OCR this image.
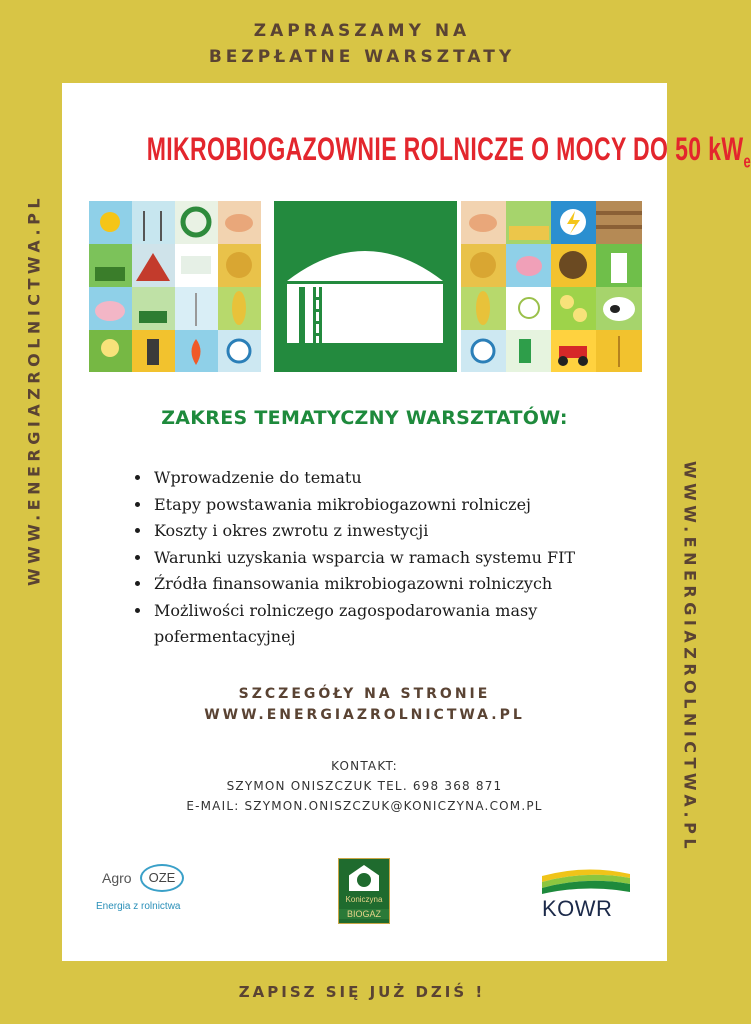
ZAPRASZAMY NA
BEZPŁATNE WARSZTATY
WWW.ENERGIAZROLNICTWA.PL
WWW.ENERGIAZROLNICTWA.PL
MIKROBIOGAZOWNIE ROLNICZE O MOCY DO 50 $kW_e$
ZAKRES TEMATYCZNY WARSZTATÓW:
• Wprowadzenie do tematu
• Etapy powstawania mikrobiogazowni rolniczej
• Koszty i okres zwrotu z inwestycji
• Warunki uzyskania wsparcia w ramach systemu FIT
• Źródła finansowania mikrobiogazowni rolniczych
• Możliwości rolniczego zagospodarowania masy pofermentacyjnej
SZCZEGÓŁY NA STRONIE
WWW.ENERGIAZROLNICTWA.PL
KONTAKT:
SZYMON ONISZCZUK TEL. 698 368 871
E-MAIL: SZYMON.ONISZCZUK@KONICZYNA.COM.PL
Agro	OZE
Energia z rolnictwa
Koniczyna
BIOGAZ	KOWR
ZAPISZ SIĘ JUŻ DZIŚ !
